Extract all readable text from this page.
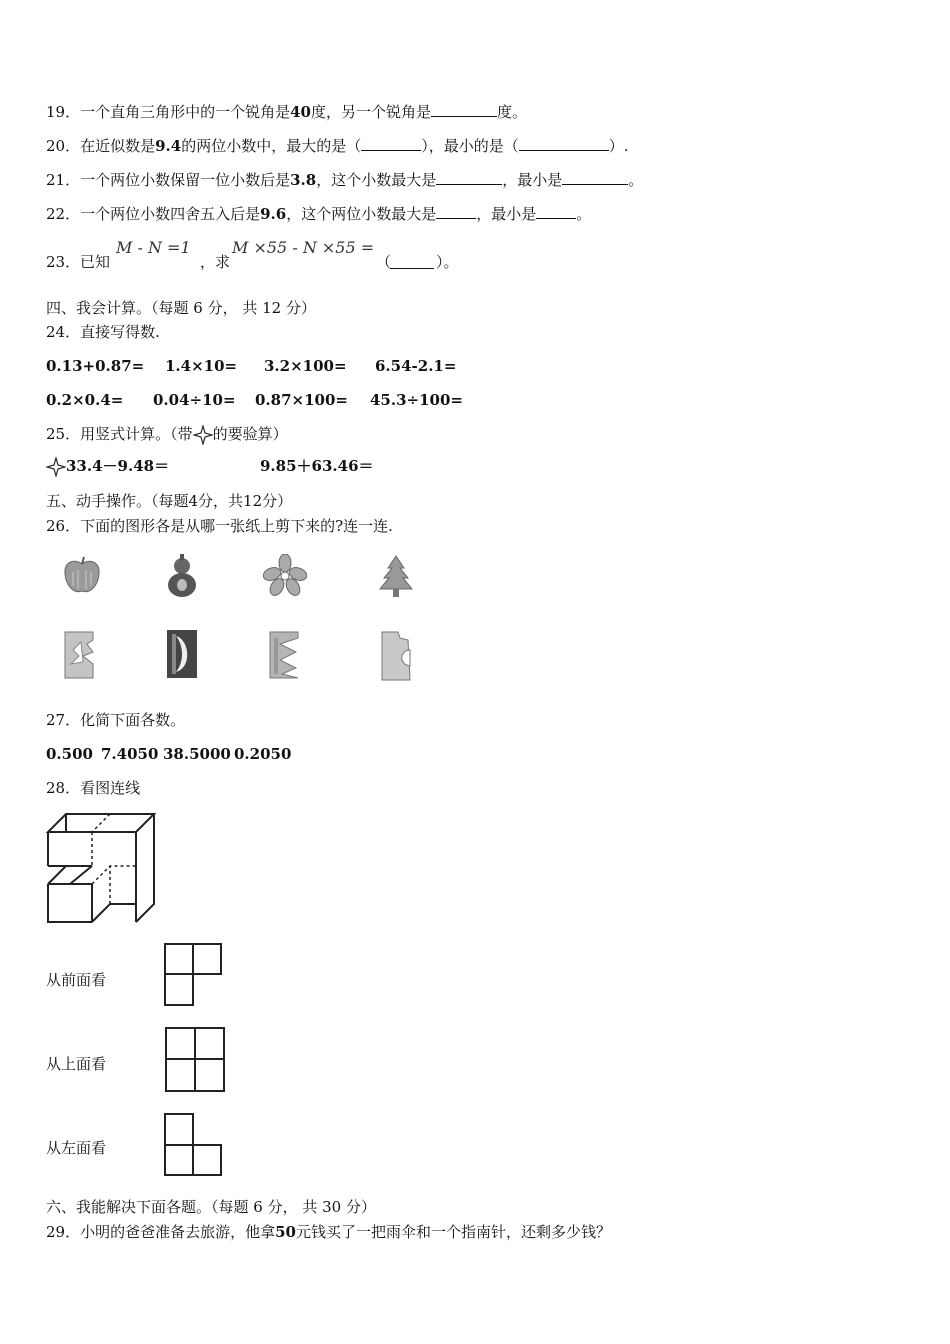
19．一个直角三角形中的一个锐角是40度，另一个锐角是	度。
20．在近似数是9.4的两位小数中，最大的是（	），最小的是（	）.
21．一个两位小数保留一位小数后是3.8，这个小数最大是	，最小是	。
22．一个两位小数四舍五入后是9.6，这个两位小数最大是	，最小是	。
23． 已知
M - N =1
，求
M ×55 - N ×55 =
（	）。
四、我会计算。（每题 6 分， 共 12 分）
24．直接写得数.
0.13+0.87= 1.4×10= 3.2×100= 6.54-2.1=
0.2×0.4= 0.04÷10= 0.87×100= 45.3÷100=
25．用竖式计算。（带 的要验算）
33.4－9.48＝	9.85＋63.46＝
五、动手操作。（每题4分，共12分）
26．下面的图形各是从哪一张纸上剪下来的?连一连.
27．化简下面各数。
0.500 7.4050 38.5000 0.2050
28．看图连线
从前面看
从上面看
从左面看
六、我能解决下面各题。（每题 6 分， 共 30 分）
29．小明的爸爸准备去旅游，他拿50元钱买了一把雨伞和一个指南针，还剩多少钱？
